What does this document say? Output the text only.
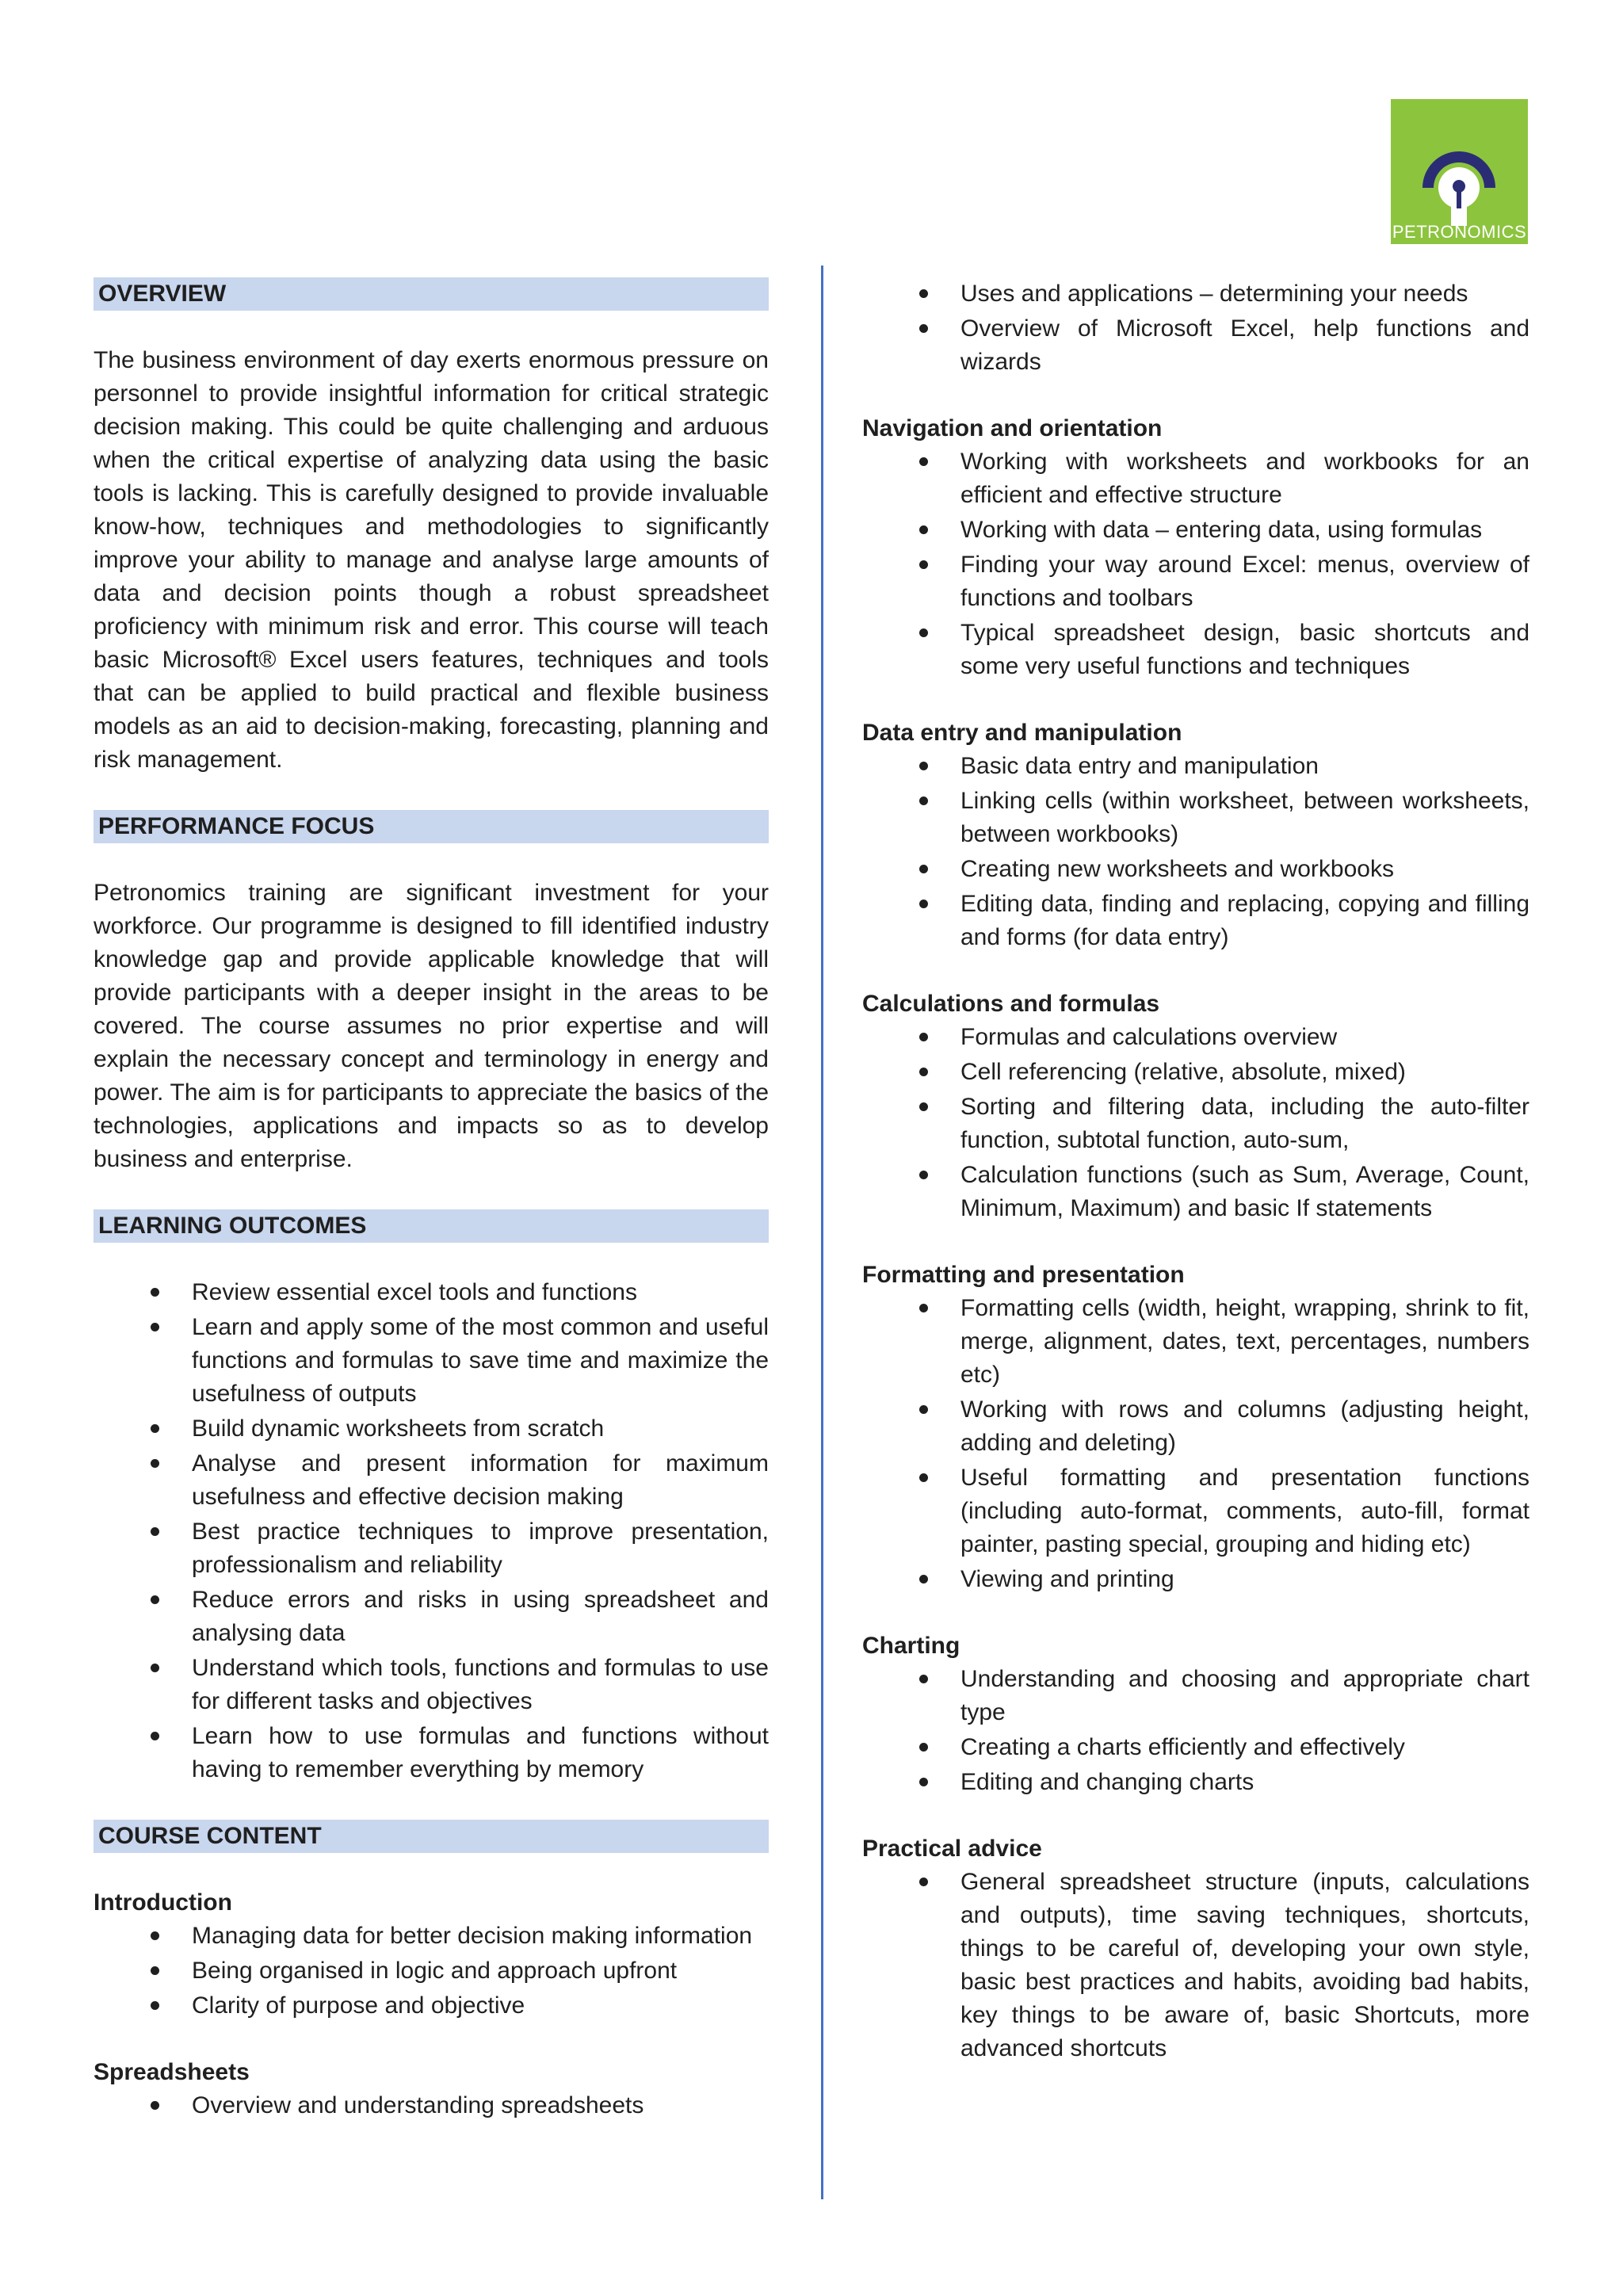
PETRONOMICS
OVERVIEW
The business environment of day exerts enormous pressure on personnel to provide insightful information for critical strategic decision making. This could be quite challenging and arduous when the critical expertise of analyzing data using the basic tools is lacking. This is carefully designed to provide invaluable know-how, techniques and methodologies to significantly improve your ability to manage and analyse large amounts of data and decision points though a robust spreadsheet proficiency with minimum risk and error. This course will teach basic Microsoft® Excel users features, techniques and tools that can be applied to build practical and flexible business models as an aid to decision-making, forecasting, planning and risk management.
PERFORMANCE FOCUS
Petronomics training are significant investment for your workforce. Our programme is designed to fill identified industry knowledge gap and provide applicable knowledge that will provide participants with a deeper insight in the areas to be covered. The course assumes no prior expertise and will explain the necessary concept and terminology in energy and power. The aim is for participants to appreciate the basics of the technologies, applications and impacts so as to develop business and enterprise.
LEARNING OUTCOMES
Review essential excel tools and functions
Learn and apply some of the most common and useful functions and formulas to save time and maximize the usefulness of outputs
Build dynamic worksheets from scratch
Analyse and present information for maximum usefulness and effective decision making
Best practice techniques to improve presentation, professionalism and reliability
Reduce errors and risks in using spreadsheet and analysing data
Understand which tools, functions and formulas to use for different tasks and objectives
Learn how to use formulas and functions without having to remember everything by memory
COURSE CONTENT
Introduction
Managing data for better decision making information
Being organised in logic and approach upfront
Clarity of purpose and objective
Spreadsheets
Overview and understanding spreadsheets
Uses and applications – determining your needs
Overview of Microsoft Excel, help functions and wizards
Navigation and orientation
Working with worksheets and workbooks for an efficient and effective structure
Working with data – entering data, using formulas
Finding your way around Excel: menus, overview of functions and toolbars
Typical spreadsheet design, basic shortcuts and some very useful functions and techniques
Data entry and manipulation
Basic data entry and manipulation
Linking cells (within worksheet, between worksheets, between workbooks)
Creating new worksheets and workbooks
Editing data, finding and replacing, copying and filling and forms (for data entry)
Calculations and formulas
Formulas and calculations overview
Cell referencing (relative, absolute, mixed)
Sorting and filtering data, including the auto-filter function, subtotal function, auto-sum,
Calculation functions (such as Sum, Average, Count, Minimum, Maximum) and basic If statements
Formatting and presentation
Formatting cells (width, height, wrapping, shrink to fit, merge, alignment, dates, text, percentages, numbers etc)
Working with rows and columns (adjusting height, adding and deleting)
Useful formatting and presentation functions (including auto-format, comments, auto-fill, format painter, pasting special, grouping and hiding etc)
Viewing and printing
Charting
Understanding and choosing and appropriate chart type
Creating a charts efficiently and effectively
Editing and changing charts
Practical advice
General spreadsheet structure (inputs, calculations and outputs), time saving techniques, shortcuts, things to be careful of, developing your own style, basic best practices and habits, avoiding bad habits, key things to be aware of, basic Shortcuts, more advanced shortcuts
